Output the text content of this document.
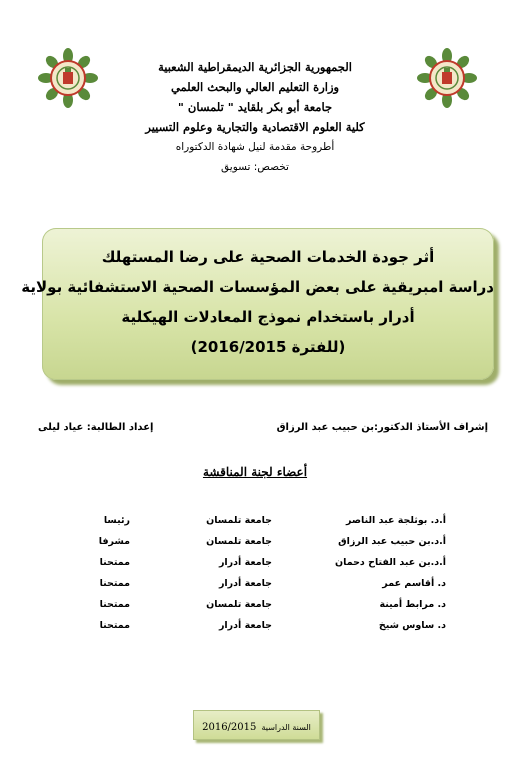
الجمهورية الجزائرية الديمقراطية الشعبية
وزارة التعليم العالي والبحث العلمي
جامعة أبو بكر بلقايد " تلمسان "
كلية العلوم الاقتصادية والتجارية وعلوم التسيير
أطروحة مقدمة لنيل شهادة الدكتوراه
تخصص: تسويق
أثر جودة الخدمات الصحية على رضا المستهلك
دراسة امبريقية على بعض المؤسسات الصحية الاستشفائية بولاية
أدرار باستخدام نموذج المعادلات الهيكلية
(للفترة 2016/2015)
إشراف الأستاذ الدكتور:بن حبيب عبد الرزاق
إعداد الطالبة: عياد ليلى
أعضاء لجنة المناقشة
أ.د. بوثلجة عبد الناصر
جامعة تلمسان
رئيسا
أ.د.بن حبيب عبد الرزاق
جامعة تلمسان
مشرفا
أ.د.بن عبد الفتاح دحمان
جامعة أدرار
ممتحنا
د. أقاسم عمر
جامعة أدرار
ممتحنا
د. مرابط أمينة
جامعة تلمسان
ممتحنا
د. ساوس شيخ
جامعة أدرار
ممتحنا
السنة الدراسية 2016/2015
